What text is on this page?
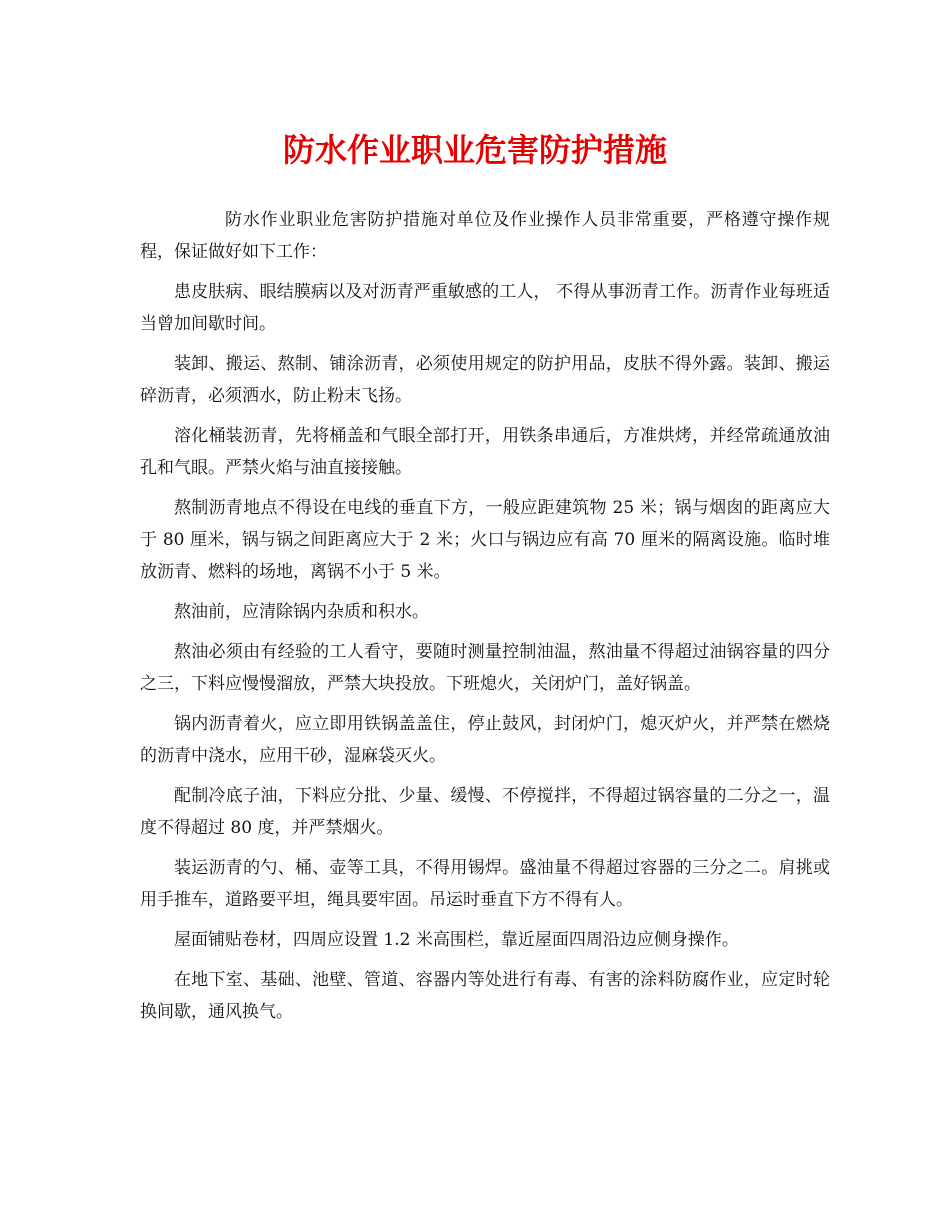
防水作业职业危害防护措施

防水作业职业危害防护措施对单位及作业操作人员非常重要，严格遵守操作规程，保证做好如下工作：

患皮肤病、眼结膜病以及对沥青严重敏感的工人， 不得从事沥青工作。沥青作业每班适当曾加间歇时间。

装卸、搬运、熬制、铺涂沥青，必须使用规定的防护用品，皮肤不得外露。装卸、搬运碎沥青，必须洒水，防止粉末飞扬。

溶化桶装沥青，先将桶盖和气眼全部打开，用铁条串通后，方准烘烤，并经常疏通放油孔和气眼。严禁火焰与油直接接触。

熬制沥青地点不得设在电线的垂直下方，一般应距建筑物 25 米；锅与烟囱的距离应大于 80 厘米，锅与锅之间距离应大于 2 米；火口与锅边应有高 70 厘米的隔离设施。临时堆放沥青、燃料的场地，离锅不小于 5 米。

熬油前，应清除锅内杂质和积水。

熬油必须由有经验的工人看守，要随时测量控制油温，熬油量不得超过油锅容量的四分之三，下料应慢慢溜放，严禁大块投放。下班熄火，关闭炉门，盖好锅盖。

锅内沥青着火，应立即用铁锅盖盖住，停止鼓风，封闭炉门，熄灭炉火，并严禁在燃烧的沥青中浇水，应用干砂，湿麻袋灭火。

配制冷底子油，下料应分批、少量、缓慢、不停搅拌，不得超过锅容量的二分之一，温度不得超过 80 度，并严禁烟火。

装运沥青的勺、桶、壶等工具，不得用锡焊。盛油量不得超过容器的三分之二。肩挑或用手推车，道路要平坦，绳具要牢固。吊运时垂直下方不得有人。

屋面铺贴卷材，四周应设置 1.2 米高围栏，靠近屋面四周沿边应侧身操作。

在地下室、基础、池壁、管道、容器内等处进行有毒、有害的涂料防腐作业，应定时轮换间歇，通风换气。
